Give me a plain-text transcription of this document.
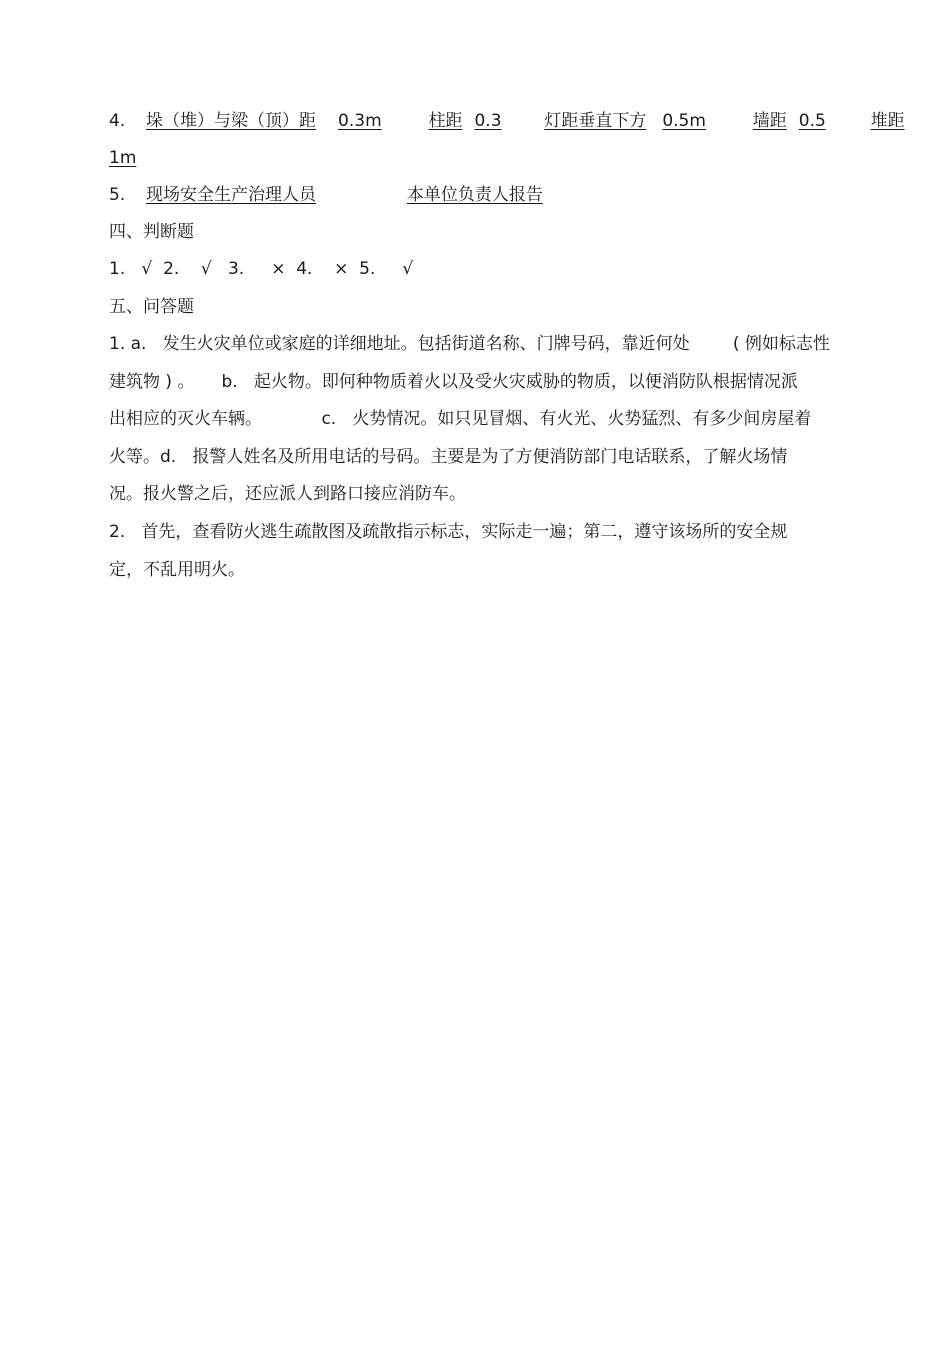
4. 垛（堆）与梁（顶）距 0.3m	柱距 0.3	灯距垂直下方 0.5m	墙距 0.5	堆距
1m
5. 现场安全生产治理人员	本单位负责人报告
四、判断题
1.   √  2.    √   3.     ×  4.    ×  5.     √
五、问答题
1. a.   发生火灾单位或家庭的详细地址。包括街道名称、门牌号码，靠近何处        ( 例如标志性
建筑物 ) 。     b.   起火物。即何种物质着火以及受火灾威胁的物质，以便消防队根据情况派
出相应的灭火车辆。           c.   火势情况。如只见冒烟、有火光、火势猛烈、有多少间房屋着
火等。d.   报警人姓名及所用电话的号码。主要是为了方便消防部门电话联系，了解火场情
况。报火警之后，还应派人到路口接应消防车。
2.   首先，查看防火逃生疏散图及疏散指示标志，实际走一遍；第二，遵守该场所的安全规
定，不乱用明火。
